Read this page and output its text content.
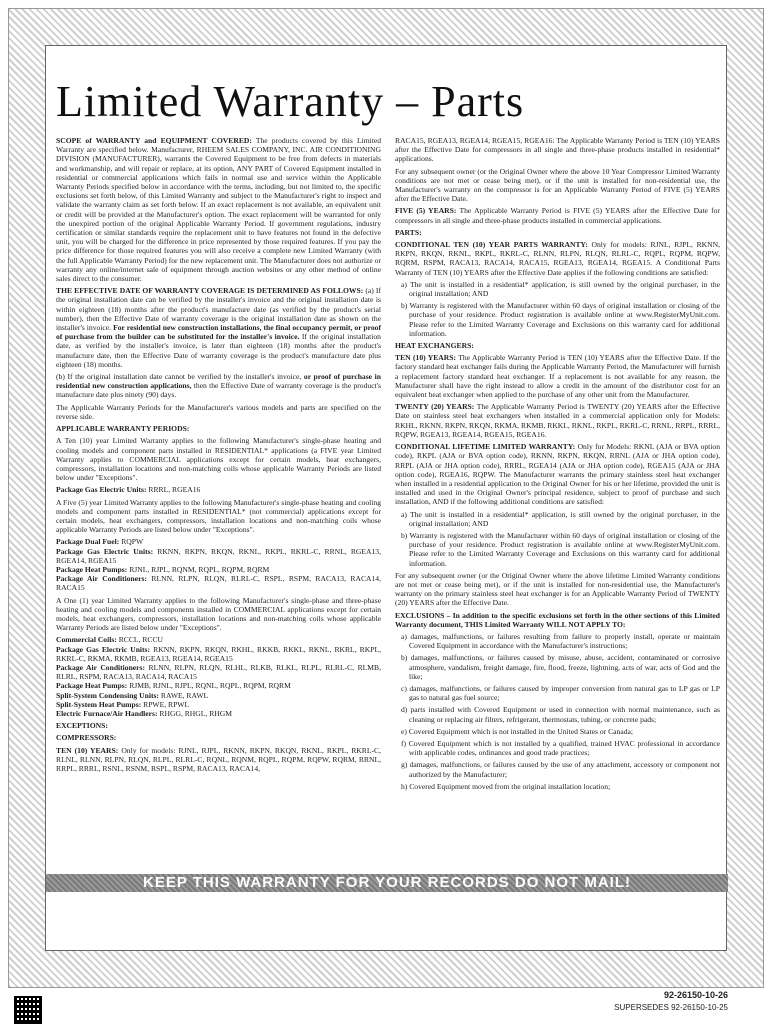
Limited Warranty – Parts

SCOPE of WARRANTY and EQUIPMENT COVERED: The products covered by this Limited Warranty are specified below. Manufacturer, RHEEM SALES COMPANY, INC. AIR CONDITIONING DIVISION (MANUFACTURER), warrants the Covered Equipment to be free from defects in materials and workmanship, and will repair or replace, at its option, ANY PART of Covered Equipment installed in residential or commercial applications which fails in normal use and service within the Applicable Warranty Periods specified below in accordance with the terms, including, but not limited to, the specific exclusions set forth below, of this Limited Warranty and subject to the Manufacturer's right to inspect and validate the warranty claim as set forth below. If an exact replacement is not available, an equivalent unit or credit will be provided at the Manufacturer's option. The exact replacement will be warranted for only the unexpired portion of the original Applicable Warranty Period. If government regulations, industry certification or similar standards require the replacement unit to have features not found in the defective unit, you will be charged for the difference in price represented by those required features. If you pay the price difference for those required features you will also receive a complete new Limited Warranty (with the full Applicable Warranty Period) for the new replacement unit. The Manufacturer does not authorize or warranty any online/internet sale of equipment through auction websites or any other method of online sales direct to the consumer.

THE EFFECTIVE DATE OF WARRANTY COVERAGE IS DETERMINED AS FOLLOWS: (a) If the original installation date can be verified by the installer's invoice and the original installation date is within eighteen (18) months after the product's manufacture date (as verified by the product's serial number), then the Effective Date of warranty coverage is the original installation date as shown on the installer's invoice. For residential new construction installations, the final occupancy permit, or proof of purchase from the builder can be substituted for the installer's invoice. If the original installation date, as verified by the installer's invoice, is later than eighteen (18) months after the product's manufacture date, then the Effective Date of warranty coverage is the product's manufacture date plus eighteen (18) months.

(b) If the original installation date cannot be verified by the installer's invoice, or proof of purchase in residential new construction applications, then the Effective Date of warranty coverage is the product's manufacture date plus ninety (90) days.

The Applicable Warranty Periods for the Manufacturer's various models and parts are specified on the reverse side.

APPLICABLE WARRANTY PERIODS:

A Ten (10) year Limited Warranty applies to the following Manufacturer's single-phase heating and cooling models and component parts installed in RESIDENTIAL* applications (a FIVE year Limited Warranty applies to COMMERCIAL applications except for certain models, heat exchangers, compressors, installation locations and non-matching coils whose applicable Warranty Periods are listed below under "Exceptions".

Package Gas Electric Units: RRRL, RGEA16

A Five (5) year Limited Warranty applies to the following Manufacturer's single-phase heating and cooling models and component parts installed in RESIDENTIAL* (not commercial) applications except for certain models, heat exchangers, compressors, installation locations and non-matching coils whose applicable Warranty Periods are listed below under "Exceptions".

Package Dual Fuel: RQPW
Package Gas Electric Units: RKNN, RKPN, RKQN, RKNL, RKPL, RKRL-C, RRNL, RGEA13, RGEA14, RGEA15
Package Heat Pumps: RJNL, RJPL, RQNM, RQPL, RQPM, RQRM
Package Air Conditioners: RLNN, RLPN, RLQN, RLRL-C, RSPL, RSPM, RACA13, RACA14, RACA15

A One (1) year Limited Warranty applies to the following Manufacturer's single-phase and three-phase heating and cooling models and components installed in COMMERCIAL applications except for certain models, heat exchangers, compressors, installation locations and non-matching coils whose applicable Warranty Periods are listed below under "Exceptions".

Commercial Coils: RCCL, RCCU
Package Gas Electric Units: RKNN, RKPN, RKQN, RKHL, RKKB, RKKL, RKNL, RKRL, RKPL, RKRL-C, RKMA, RKMB, RGEA13, RGEA14, RGEA15
Package Air Conditioners: RLNN, RLPN, RLQN, RLHL, RLKB, RLKL, RLPL, RLRL-C, RLMB, RLRL, RSPM, RACA13, RACA14, RACA15
Package Heat Pumps: RJMB, RJNL, RJPL, RQNL, RQPL, RQPM, RQRM
Split-System Condensing Units: RAWE, RAWL
Split-System Heat Pumps: RPWE, RPWL
Electric Furnace/Air Handlers: RHGG, RHGL, RHGM

EXCEPTIONS:

COMPRESSORS:

TEN (10) YEARS: Only for models: RJNL, RJPL, RKNN, RKPN, RKQN, RKNL, RKPL, RKRL-C, RLNL, RLNN, RLPN, RLQN, RLPL, RLRL-C, RQNL, RQNM, RQPL, RQPM, RQPW, RQRM, RRNL, RRPL, RRRL, RSNL, RSNM, RSPL, RSPM, RACA13, RACA14,

RACA15, RGEA13, RGEA14, RGEA15, RGEA16: The Applicable Warranty Period is TEN (10) YEARS after the Effective Date for compressors in all single and three-phase products installed in residential* applications.

For any subsequent owner (or the Original Owner where the above 10 Year Compressor Limited Warranty conditions are not met or cease being met), or if the unit is installed for non-residential use, the Manufacturer's warranty on the compressor is for an Applicable Warranty Period of FIVE (5) YEARS after the Effective Date.

FIVE (5) YEARS: The Applicable Warranty Period is FIVE (5) YEARS after the Effective Date for compressors in all single and three-phase products installed in commercial applications.

PARTS:

CONDITIONAL TEN (10) YEAR PARTS WARRANTY: Only for models: RJNL, RJPL, RKNN, RKPN, RKQN, RKNL, RKPL, RKRL-C, RLNN, RLPN, RLQN, RLRL-C, RQPL, RQPM, RQPW, RQRM, RSPM, RACA13, RACA14, RACA15, RGEA13, RGEA14, RGEA15. A Conditional Parts Warranty of TEN (10) YEARS after the Effective Date applies if the following conditions are satisfied:

a) The unit is installed in a residential* application, is still owned by the original purchaser, in the original installation; AND

b) Warranty is registered with the Manufacturer within 60 days of original installation or closing of the purchase of your residence. Product registration is available online at www.RegisterMyUnit.com. Please refer to the Limited Warranty Coverage and Exclusions on this warranty card for additional information.

HEAT EXCHANGERS:

TEN (10) YEARS: The Applicable Warranty Period is TEN (10) YEARS after the Effective Date. If the factory standard heat exchanger fails during the Applicable Warranty Period, the Manufacturer will furnish a replacement factory standard heat exchanger. If a replacement is not available for any reason, the Manufacturer shall have the right instead to allow a credit in the amount of the distributor cost for an equivalent heat exchanger when applied to the purchase of any other unit from the Manufacturer.

TWENTY (20) YEARS: The Applicable Warranty Period is TWENTY (20) YEARS after the Effective Date on stainless steel heat exchangers when installed in a commercial application only for Models: RKHL, RKNN, RKPN, RKQN, RKMA, RKMB, RKKL, RKNL, RKPL, RKRL-C, RRNL, RRPL, RRRL, RQPW, RGEA13, RGEA14, RGEA15, RGEA16.

CONDITIONAL LIFETIME LIMITED WARRANTY: Only for Models: RKNL (AJA or BVA option code), RKPL (AJA or BVA option code), RKNN, RKPN, RKQN, RRNL (AJA or JHA option code), RRPL (AJA or JHA option code), RRRL, RGEA14 (AJA or JHA option code), RGEA15 (AJA or JHA option code), RGEA16, RQPW. The Manufacturer warrants the primary stainless steel heat exchanger when installed in a residential application to the Original Owner for his or her lifetime, provided the unit is installed and used in the Original Owner's principal residence, subject to proof of purchase and such installation, AND if the following additional conditions are satisfied:

a) The unit is installed in a residential* application, is still owned by the original purchaser, in the original installation; AND

b) Warranty is registered with the Manufacturer within 60 days of original installation or closing of the purchase of your residence. Product registration is available online at www.RegisterMyUnit.com. Please refer to the Limited Warranty Coverage and Exclusions on this warranty card for additional information.

For any subsequent owner (or the Original Owner where the above lifetime Limited Warranty conditions are not met or cease being met), or if the unit is installed for non-residential use, the Manufacturer's warranty on the primary stainless steel heat exchanger is for an Applicable Warranty Period of TWENTY (20) YEARS after the Effective Date.

EXCLUSIONS – In addition to the specific exclusions set forth in the other sections of this Limited Warranty document, THIS Limited Warranty WILL NOT APPLY TO:

a) damages, malfunctions, or failures resulting from failure to properly install, operate or maintain Covered Equipment in accordance with the Manufacturer's instructions;

b) damages, malfunctions, or failures caused by misuse, abuse, accident, contaminated or corrosive atmosphere, vandalism, freight damage, fire, flood, freeze, lightning, acts of war, acts of God and the like;

c) damages, malfunctions, or failures caused by improper conversion from natural gas to LP gas or LP gas to natural gas fuel source;

d) parts installed with Covered Equipment or used in connection with normal maintenance, such as cleaning or replacing air filters, refrigerant, thermostats, tubing, or concrete pads;

e) Covered Equipment which is not installed in the United States or Canada;

f) Covered Equipment which is not installed by a qualified, trained HVAC professional in accordance with applicable codes, ordinances and good trade practices;

g) damages, malfunctions, or failures caused by the use of any attachment, accessory or component not authorized by the Manufacturer;

h) Covered Equipment moved from the original installation location;

KEEP THIS WARRANTY FOR YOUR RECORDS DO NOT MAIL!
92-26150-10-26
SUPERSEDES 92-26150-10-25
